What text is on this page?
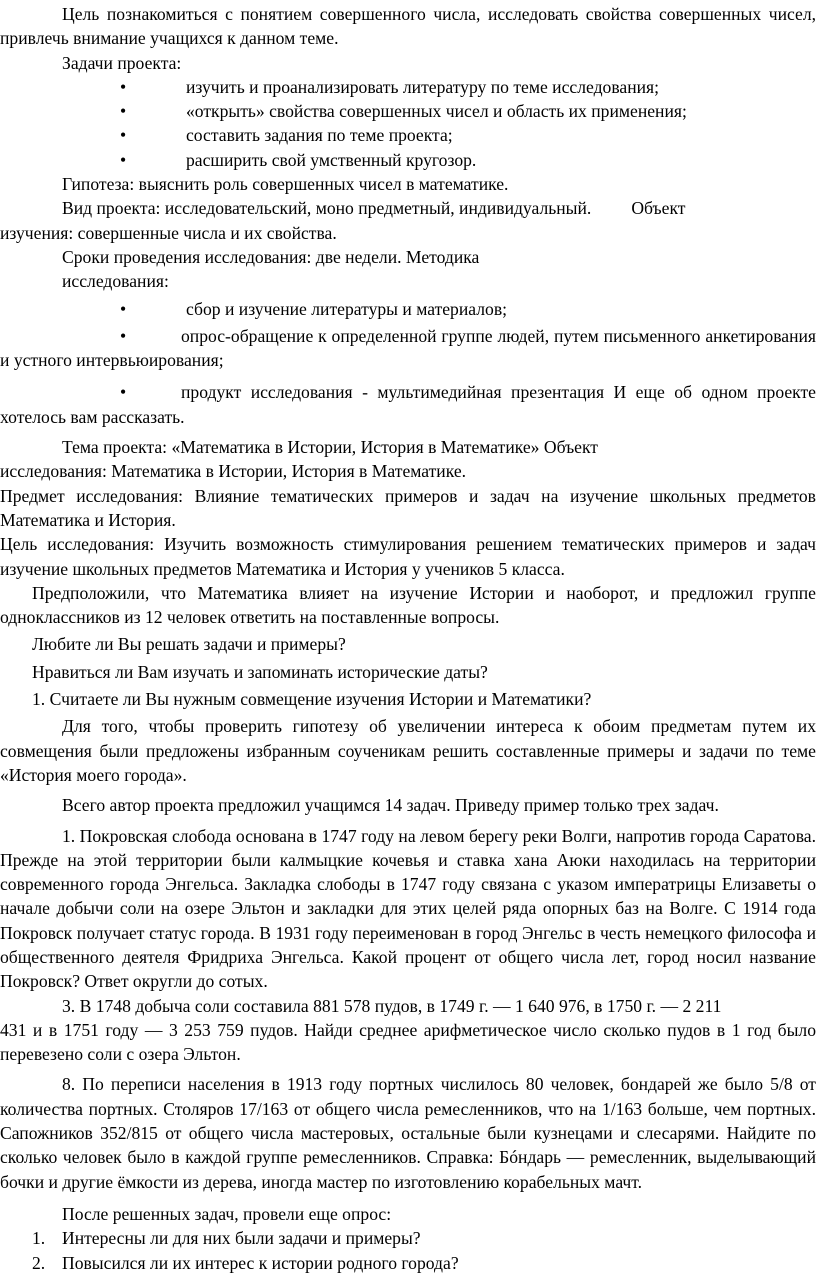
Цель познакомиться с понятием совершенного числа, исследовать свойства совершенных чисел, привлечь внимание учащихся к данном теме.

Задачи проекта:

•	изучить и проанализировать литературу по теме исследования;

•	«открыть» свойства совершенных чисел и область их применения;

•	составить задания по теме проекта;

•	расширить свой умственный кругозор.

Гипотеза: выяснить роль совершенных чисел в математике.

Вид проекта: исследовательский, моно предметный, индивидуальный. Объект

изучения: совершенные числа и их свойства.

Сроки проведения исследования: две недели. Методика

исследования:

•	сбор и изучение литературы и материалов;

•	опрос-обращение к определенной группе людей, путем письменного анкетирования и устного интервьюирования;

•	продукт исследования - мультимедийная презентация И еще об одном проекте хотелось вам рассказать.

Тема проекта: «Математика в Истории, История в Математике» Объект

исследования: Математика в Истории, История в Математике.

Предмет исследования: Влияние тематических примеров и задач на изучение школьных предметов Математика и История.

Цель исследования: Изучить возможность стимулирования решением тематических примеров и задач изучение школьных предметов Математика и История у учеников 5 класса.

Предположили, что Математика влияет на изучение Истории и наоборот, и предложил группе одноклассников из 12 человек ответить на поставленные вопросы.

Любите ли Вы решать задачи и примеры?

Нравиться ли Вам изучать и запоминать исторические даты?

1. Считаете ли Вы нужным совмещение изучения Истории и Математики?

Для того, чтобы проверить гипотезу об увеличении интереса к обоим предметам путем их совмещения были предложены избранным соученикам решить составленные примеры и задачи по теме «История моего города».

Всего автор проекта предложил учащимся 14 задач. Приведу пример только трех задач.

1. Покровская слобода основана в 1747 году на левом берегу реки Волги, напротив города Саратова. Прежде на этой территории были калмыцкие кочевья и ставка хана Аюки находилась на территории современного города Энгельса. Закладка слободы в 1747 году связана с указом императрицы Елизаветы о начале добычи соли на озере Эльтон и закладки для этих целей ряда опорных баз на Волге. С 1914 года Покровск получает статус города. В 1931 году переименован в город Энгельс в честь немецкого философа и общественного деятеля Фридриха Энгельса. Какой процент от общего числа лет, город носил название Покровск? Ответ округли до сотых.

3. В 1748 добыча соли составила 881 578 пудов, в 1749 г. — 1 640 976, в 1750 г. — 2 211

431 и в 1751 году — 3 253 759 пудов. Найди среднее арифметическое число сколько пудов в 1 год было перевезено соли с озера Эльтон.

8. По переписи населения в 1913 году портных числилось 80 человек, бондарей же было 5/8 от количества портных. Столяров 17/163 от общего числа ремесленников, что на 1/163 больше, чем портных. Сапожников 352/815 от общего числа мастеровых, остальные были кузнецами и слесарями. Найдите по сколько человек было в каждой группе ремесленников. Справка: Бóндарь — ремесленник, выделывающий бочки и другие ёмкости из дерева, иногда мастер по изготовлению корабельных мачт.

После решенных задач, провели еще опрос:

1. Интересны ли для них были задачи и примеры?

2. Повысился ли их интерес к истории родного города?
